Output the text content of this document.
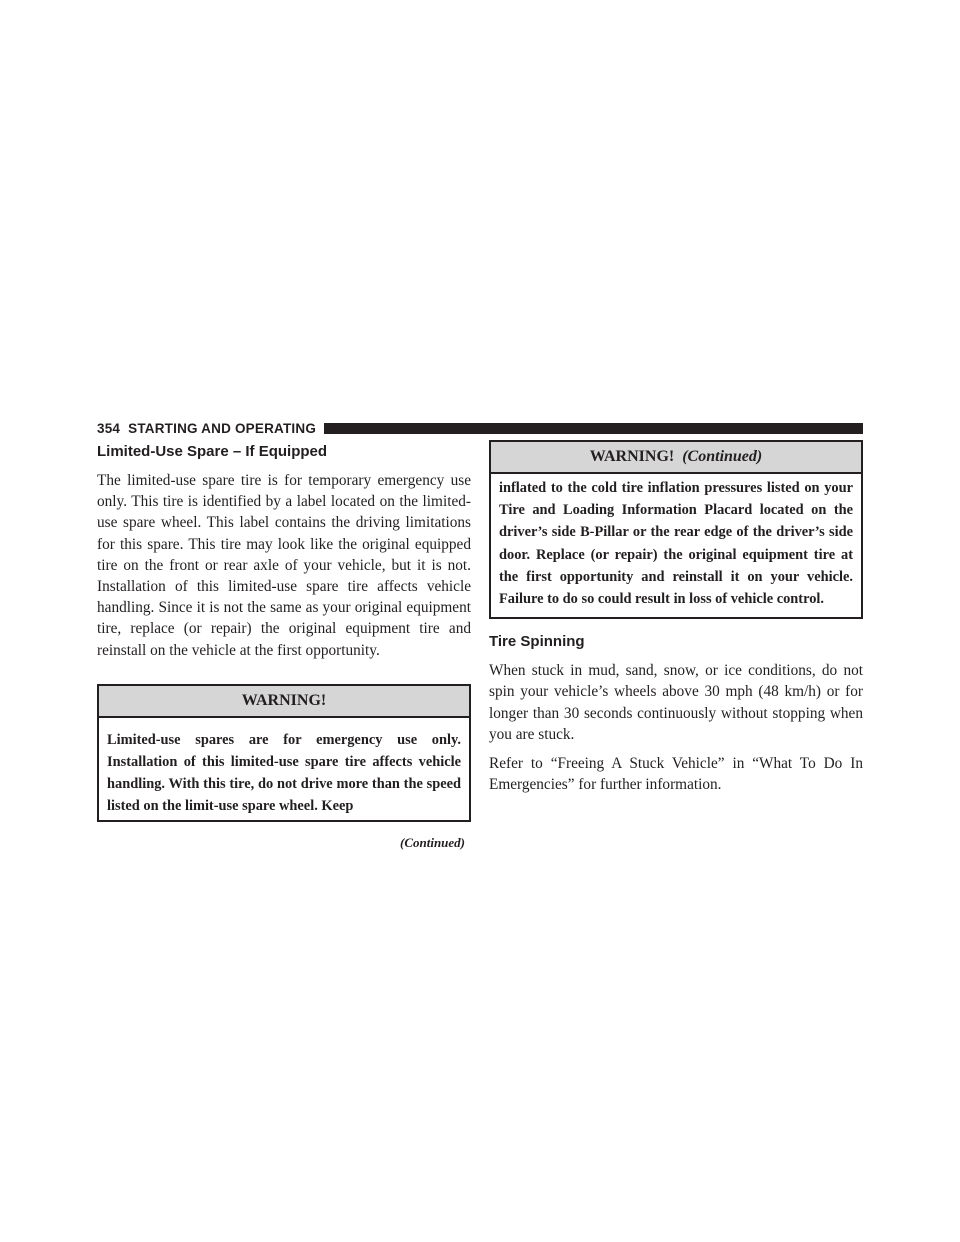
354 STARTING AND OPERATING
Limited-Use Spare – If Equipped

The limited-use spare tire is for temporary emergency use only. This tire is identified by a label located on the limited-use spare wheel. This label contains the driving limitations for this spare. This tire may look like the original equipped tire on the front or rear axle of your vehicle, but it is not. Installation of this limited-use spare tire affects vehicle handling. Since it is not the same as your original equipment tire, replace (or repair) the original equipment tire and reinstall on the vehicle at the first opportunity.

WARNING!
Limited-use spares are for emergency use only. Installation of this limited-use spare tire affects vehicle handling. With this tire, do not drive more than the speed listed on the limit-use spare wheel. Keep
(Continued)
WARNING! (Continued)
inflated to the cold tire inflation pressures listed on your Tire and Loading Information Placard located on the driver’s side B-Pillar or the rear edge of the driver’s side door. Replace (or repair) the original equipment tire at the first opportunity and reinstall it on your vehicle. Failure to do so could result in loss of vehicle control.
Tire Spinning

When stuck in mud, sand, snow, or ice conditions, do not spin your vehicle’s wheels above 30 mph (48 km/h) or for longer than 30 seconds continuously without stopping when you are stuck.

Refer to “Freeing A Stuck Vehicle” in “What To Do In Emergencies” for further information.
